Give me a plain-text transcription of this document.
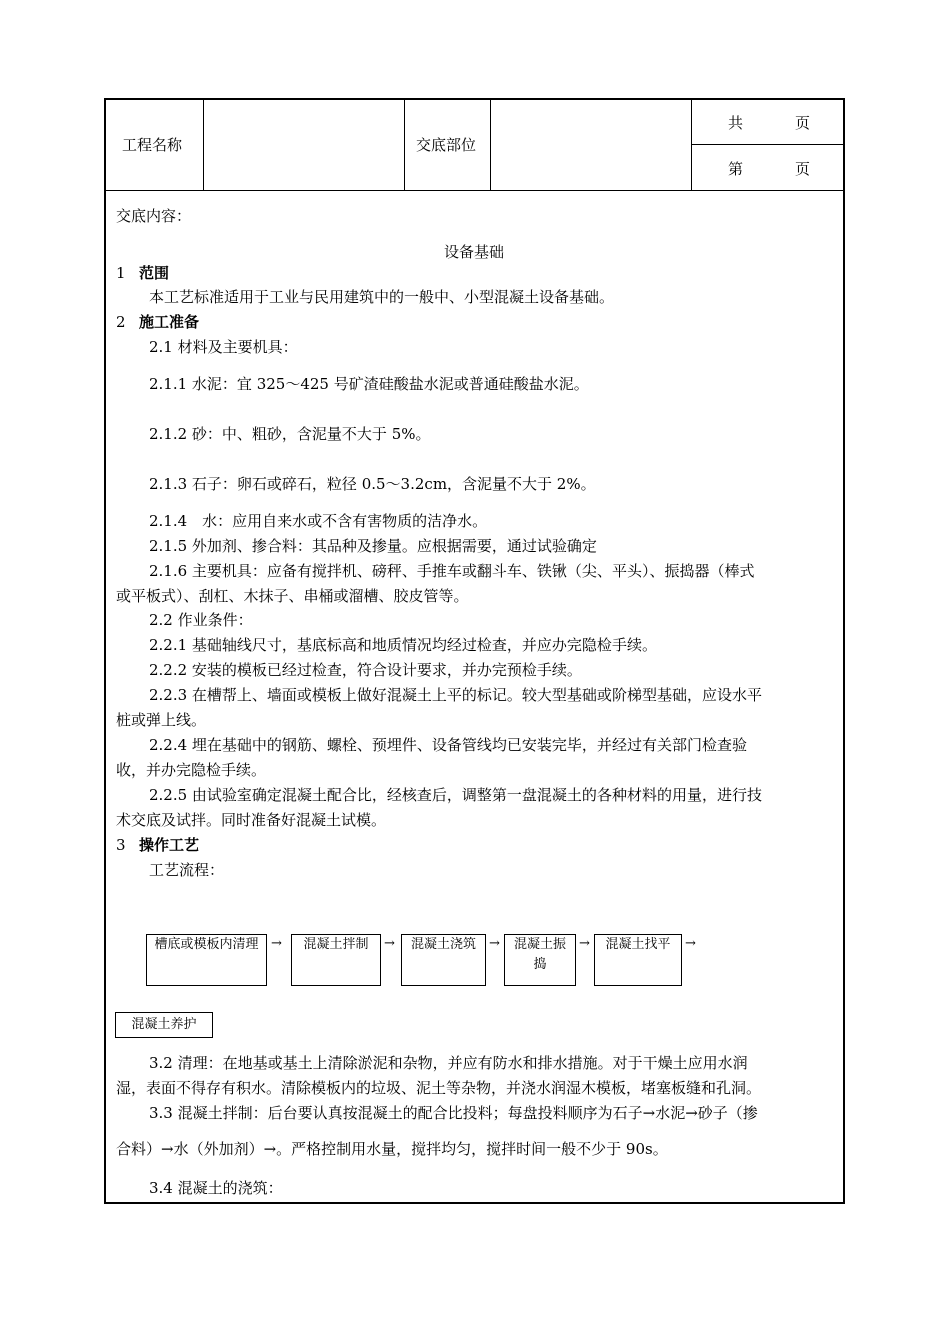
工程名称	交底部位
共	页
第	页
交底内容：
设备基础
1 范围
本工艺标准适用于工业与民用建筑中的一般中、小型混凝土设备基础。
2 施工准备
2.1 材料及主要机具：
2.1.1 水泥：宜 325～425 号矿渣硅酸盐水泥或普通硅酸盐水泥。
2.1.2 砂：中、粗砂，含泥量不大于 5%。
2.1.3 石子：卵石或碎石，粒径 0.5～3.2cm，含泥量不大于 2%。
2.1.4　水：应用自来水或不含有害物质的洁净水。
2.1.5 外加剂、掺合料：其品种及掺量。应根据需要，通过试验确定
2.1.6 主要机具：应备有搅拌机、磅秤、手推车或翻斗车、铁锹（尖、平头）、振捣器（棒式
或平板式）、刮杠、木抹子、串桶或溜槽、胶皮管等。
2.2 作业条件：
2.2.1 基础轴线尺寸，基底标高和地质情况均经过检查，并应办完隐检手续。
2.2.2 安装的模板已经过检查，符合设计要求，并办完预检手续。
2.2.3 在槽帮上、墙面或模板上做好混凝土上平的标记。较大型基础或阶梯型基础，应设水平
桩或弹上线。
2.2.4 埋在基础中的钢筋、螺栓、预埋件、设备管线均已安装完毕，并经过有关部门检查验
收，并办完隐检手续。
2.2.5 由试验室确定混凝土配合比，经核查后，调整第一盘混凝土的各种材料的用量，进行技
术交底及试拌。同时准备好混凝土试模。
3 操作工艺
工艺流程：
槽底或模板内清理 →	混凝土拌制	→	混凝土浇筑	→	混凝土振
捣
→	混凝土找平	→
混凝土养护
3.2 清理：在地基或基土上清除淤泥和杂物，并应有防水和排水措施。对于干燥土应用水润
湿，表面不得存有积水。清除模板内的垃圾、泥土等杂物，并浇水润湿木模板，堵塞板缝和孔洞。
3.3 混凝土拌制：后台要认真按混凝土的配合比投料；每盘投料顺序为石子→水泥→砂子（掺
合料）→水（外加剂）→。严格控制用水量，搅拌均匀，搅拌时间一般不少于 90s。
3.4 混凝土的浇筑：
